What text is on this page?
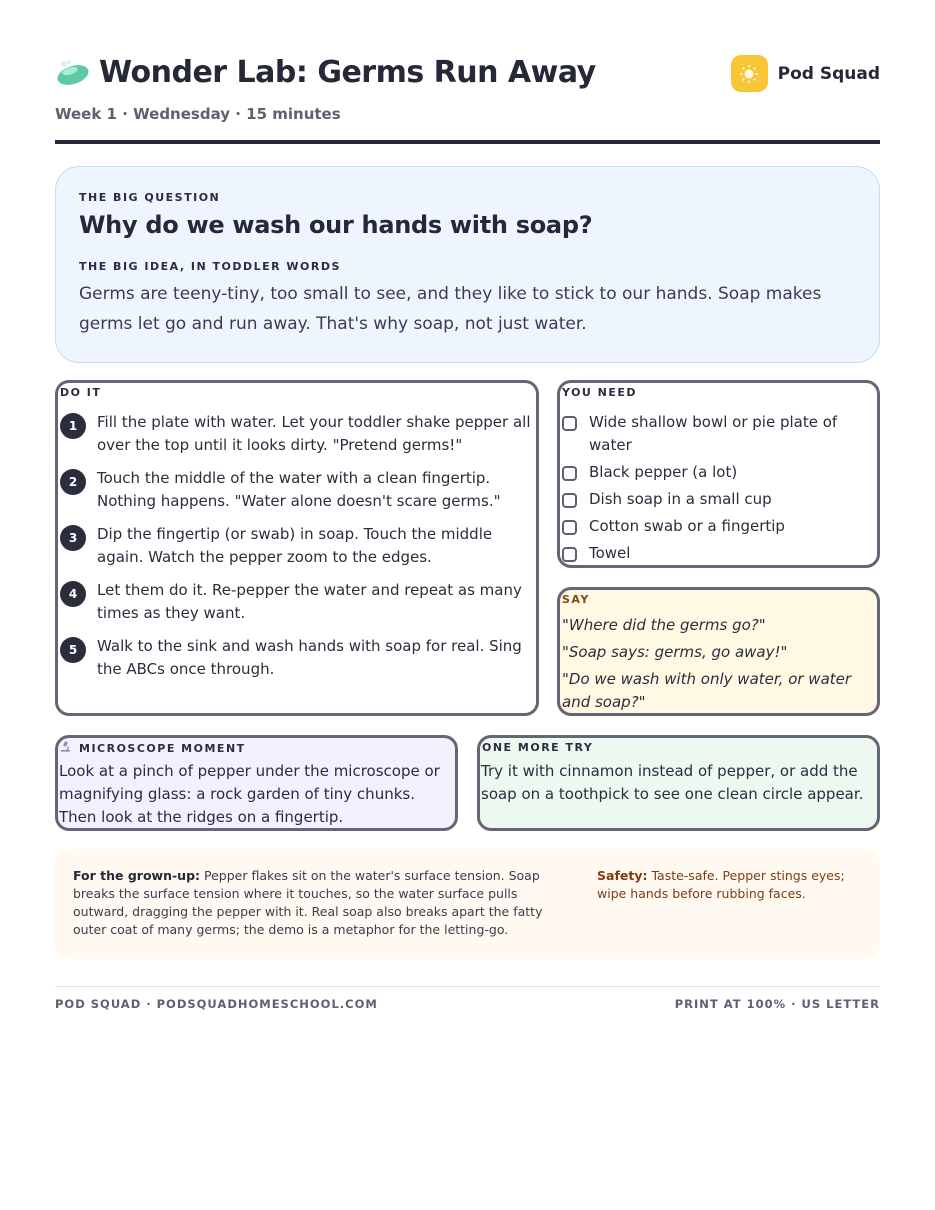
Wonder Lab: Germs Run Away
Week 1 · Wednesday · 15 minutes
Pod Squad
THE BIG QUESTION
Why do we wash our hands with soap?
THE BIG IDEA, IN TODDLER WORDS

Germs are teeny-tiny, too small to see, and they like to stick to our hands. Soap makes germs let go and run away. That's why soap, not just water.

DO IT
1	Fill the plate with water. Let your toddler shake pepper all over the top until it looks dirty. "Pretend germs!"
2	Touch the middle of the water with a clean fingertip. Nothing happens. "Water alone doesn't scare germs."
3	Dip the fingertip (or swab) in soap. Touch the middle again. Watch the pepper zoom to the edges.
4	Let them do it. Re-pepper the water and repeat as many times as they want.
5	Walk to the sink and wash hands with soap for real. Sing the ABCs once through.
YOU NEED
Wide shallow bowl or pie plate of water
Black pepper (a lot)
Dish soap in a small cup
Cotton swab or a fingertip
Towel
SAY
"Where did the germs go?"
"Soap says: germs, go away!"
"Do we wash with only water, or water and soap?"
MICROSCOPE MOMENT

Look at a pinch of pepper under the microscope or magnifying glass: a rock garden of tiny chunks. Then look at the ridges on a fingertip.

ONE MORE TRY

Try it with cinnamon instead of pepper, or add the soap on a toothpick to see one clean circle appear.

For the grown-up: Pepper flakes sit on the water's surface tension. Soap breaks the surface tension where it touches, so the water surface pulls outward, dragging the pepper with it. Real soap also breaks apart the fatty outer coat of many germs; the demo is a metaphor for the letting-go.
Safety: Taste-safe. Pepper stings eyes; wipe hands before rubbing faces.
POD SQUAD · PODSQUADHOMESCHOOL.COM	PRINT AT 100% · US LETTER
